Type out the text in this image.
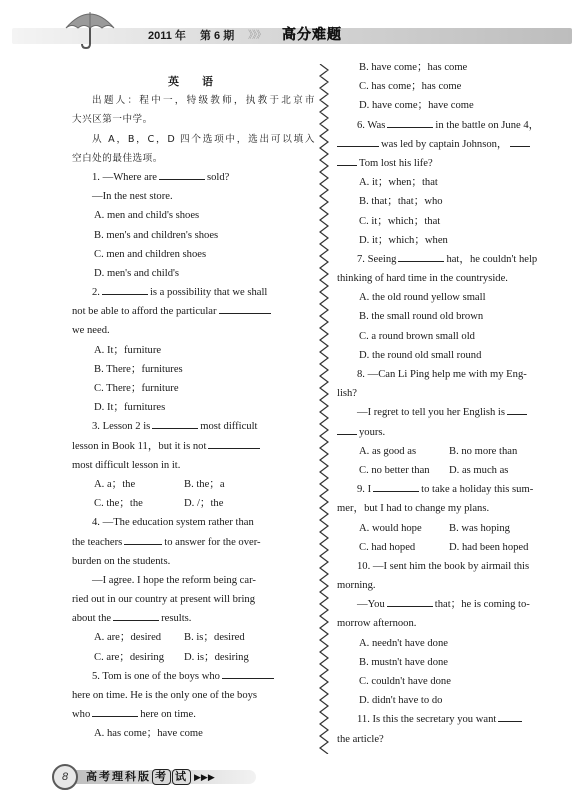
2011 年 第 6 期 》》》 高分难题
英　语
出题人：程中一，特级教师，执教于北京市
大兴区第一中学。
从 A，B，C，D 四个选项中，选出可以填入
空白处的最佳选项。
1. —Where are	sold?
—In the nest store.
A. men and child's shoes
B. men's and children's shoes
C. men and children shoes
D. men's and child's
2.	is a possibility that we shall
not be able to afford the particular
we need.
A. It；furniture
B. There；furnitures
C. There；furniture
D. It；furnitures
3. Lesson 2 is	most difficult
lesson in Book 11，but it is not
most difficult lesson in it.
A. a；the	B. the；a
C. the；the	D. /；the
4. —The education system rather than
the teachers	to answer for the over-
burden on the students.
—I agree. I hope the reform being car-
ried out in our country at present will bring
about the	results.
A. are；desired	B. is；desired
C. are；desiring	D. is；desiring
5. Tom is one of the boys who
here on time. He is the only one of the boys
who	here on time.
A. has come；have come
B. have come；has come
C. has come；has come
D. have come；have come
6. Was	in the battle on June 4，
was led by captain Johnson，
Tom lost his life?
A. it；when；that
B. that；that；who
C. it；which；that
D. it；which；when
7. Seeing	hat，he couldn't help
thinking of hard time in the countryside.
A. the old round yellow small
B. the small round old brown
C. a round brown small old
D. the round old small round
8. —Can Li Ping help me with my Eng-
lish?
—I regret to tell you her English is
yours.
A. as good as	B. no more than
C. no better than	D. as much as
9. I	to take a holiday this sum-
mer，but I had to change my plans.
A. would hope	B. was hoping
C. had hoped	D. had been hoped
10. —I sent him the book by airmail this
morning.
—You	that；he is coming to-
morrow afternoon.
A. needn't have done
B. mustn't have done
C. couldn't have done
D. didn't have to do
11. Is this the secretary you want
the article?
8	高考理科版 考 试 ▶▶▶
